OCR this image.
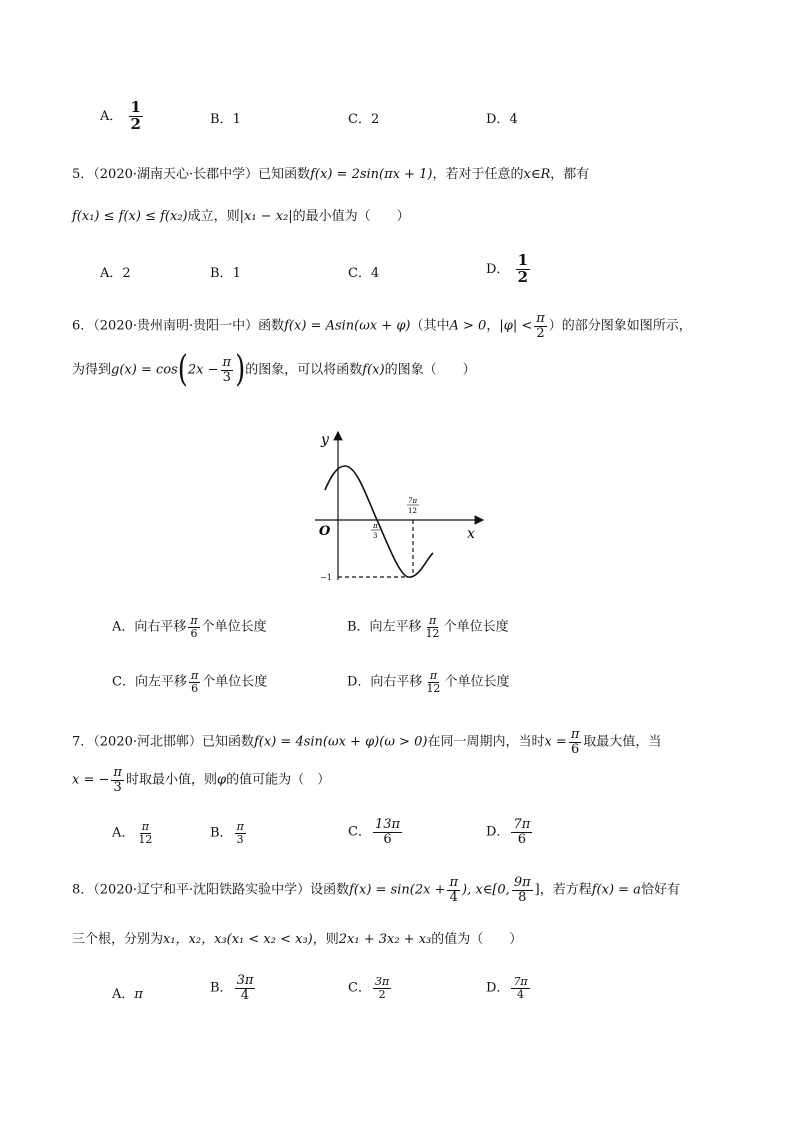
A． $\frac{1}{2}$	B．1	C．2	D．4
5．（2020·湖南天心·长郡中学）已知函数f(x) = 2sin(πx + 1)，若对于任意的x∈R，都有
f(x₁) ≤ f(x) ≤ f(x₂)成立，则|x₁ − x₂|的最小值为（　　）
A．2	B．1	C．4	D． $\frac{1}{2}$
6．（2020·贵州南明·贵阳一中）函数f(x) = Asin(ωx + φ)（其中A > 0，$|\varphi| < \frac{\pi}{2}$ ）的部分图象如图所示，
为得到$g(x) = \cos(2x - \frac{\pi}{3}$ )的图象，可以将函数f(x)的图象（　　）
y
x
O	π
3
7π
12
−1
A．向右平移 $\frac{\pi}{6}$ 个单位长度	B．向左平移 $\frac{\pi}{12}$ 个单位长度
C．向左平移 $\frac{\pi}{6}$ 个单位长度	D．向右平移 $\frac{\pi}{12}$ 个单位长度
7．（2020·河北邯郸）已知函数f(x) = 4sin(ωx + φ)(ω > 0)在同一周期内，当时$x = \frac{\pi}{6}$ 取最大值，当
x = − $\frac{\pi}{3}$ 时取最小值，则φ的值可能为（　）
A． $\frac{\pi}{12}$	B． $\frac{\pi}{3}$	C． $\frac{13\pi}{6}$	D． $\frac{7\pi}{6}$
8．（2020·辽宁和平·沈阳铁路实验中学）设函数$f(x) = \sin(2x + \frac{\pi}{4}$ ), x∈[0, $\frac{9\pi}{8}$ ]，若方程f(x) = a恰好有
三个根，分别为x₁，x₂，x₃(x₁ < x₂ < x₃)，则2x₁ + 3x₂ + x₃的值为（　　）
A．π	B． $\frac{3\pi}{4}$	C． $\frac{3\pi}{2}$	D． $\frac{7\pi}{4}$
